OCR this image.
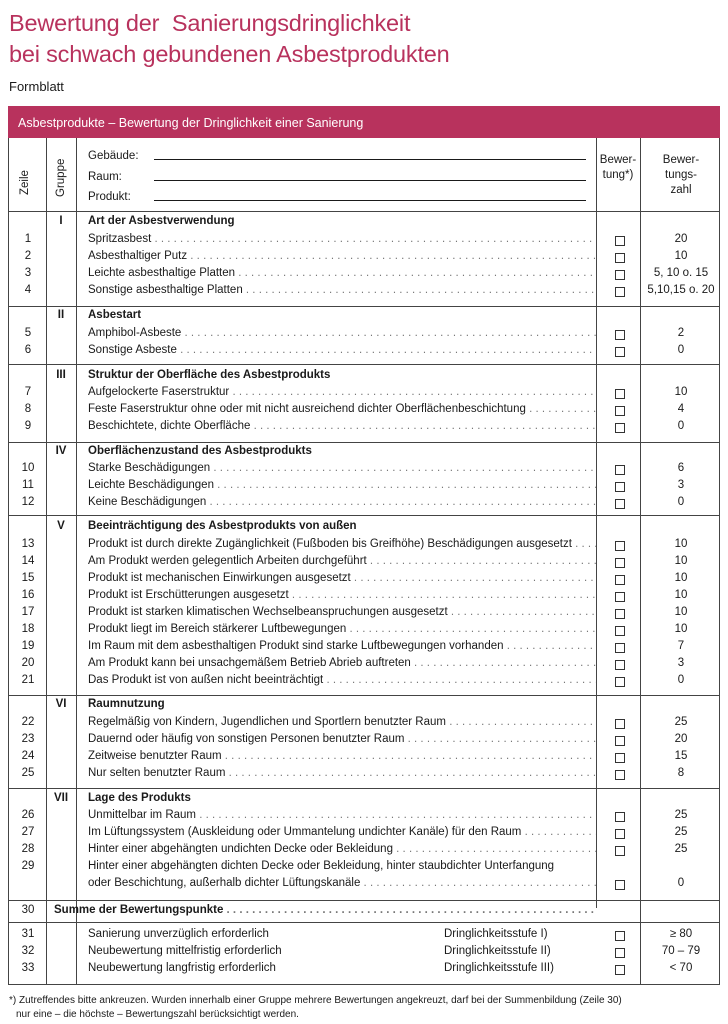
Bewertung der  Sanierungsdringlichkeit
bei schwach gebundenen Asbestprodukten
Formblatt
Asbestprodukte – Bewertung der Dringlichkeit einer Sanierung
Zeile Gruppe
Gebäude:
Raum:
Produkt:
Bewer-
tung*)
Bewer-
tungs-
zahl
I	Art der Asbestverwendung
1	Spritzasbest . . .	20
2	Asbesthaltiger Putz . . .	10
3	Leichte asbesthaltige Platten . . .	5, 10 o. 15
4	Sonstige asbesthaltige Platten . . .	5,10,15 o. 20
II	Asbestart
5	Amphibol-Asbeste . . .	2
6	Sonstige Asbeste . . .	0
III	Struktur der Oberfläche des Asbestprodukts
7	Aufgelockerte Faserstruktur . . .	10
8	Feste Faserstruktur ohne oder mit nicht ausreichend dichter Oberflächenbeschichtung . . .	4
9	Beschichtete, dichte Oberfläche . . .	0
IV	Oberflächenzustand des Asbestprodukts
10	Starke Beschädigungen . . .	6
11	Leichte Beschädigungen . . .	3
12	Keine Beschädigungen . . .	0
V	Beeinträchtigung des Asbestprodukts von außen
13	Produkt ist durch direkte Zugänglichkeit (Fußboden bis Greifhöhe) Beschädigungen ausgesetzt . . .	10
14	Am Produkt werden gelegentlich Arbeiten durchgeführt . . .	10
15	Produkt ist mechanischen Einwirkungen ausgesetzt . . .	10
16	Produkt ist Erschütterungen ausgesetzt . . .	10
17	Produkt ist starken klimatischen Wechselbeanspruchungen ausgesetzt . . .	10
18	Produkt liegt im Bereich stärkerer Luftbewegungen . . .	10
19	Im Raum mit dem asbesthaltigen Produkt sind starke Luftbewegungen vorhanden . . .	7
20	Am Produkt kann bei unsachgemäßem Betrieb Abrieb auftreten . . .	3
21	Das Produkt ist von außen nicht beeinträchtigt . . .	0
VI	Raumnutzung
22	Regelmäßig von Kindern, Jugendlichen und Sportlern benutzter Raum . . .	25
23	Dauernd oder häufig von sonstigen Personen benutzter Raum . . .	20
24	Zeitweise benutzter Raum . . .	15
25	Nur selten benutzter Raum . . .	8
VII	Lage des Produkts
26	Unmittelbar im Raum . . .	25
27	Im Lüftungssystem (Auskleidung oder Ummantelung undichter Kanäle) für den Raum . . .	25
28	Hinter einer abgehängten undichten Decke oder Bekleidung . . .	25
29	Hinter einer abgehängten dichten Decke oder Bekleidung, hinter staubdichter Unterfangung
oder Beschichtung, außerhalb dichter Lüftungskanäle . . .	0
30	Summe der Bewertungspunkte . . .
31	Sanierung unverzüglich erforderlich	Dringlichkeitsstufe I)	≥ 80
32	Neubewertung mittelfristig erforderlich	Dringlichkeitsstufe II)	70 – 79
33	Neubewertung langfristig erforderlich	Dringlichkeitsstufe III)	< 70
*) Zutreffendes bitte ankreuzen. Wurden innerhalb einer Gruppe mehrere Bewertungen angekreuzt, darf bei der Summenbildung (Zeile 30)
nur eine – die höchste – Bewertungszahl berücksichtigt werden.
